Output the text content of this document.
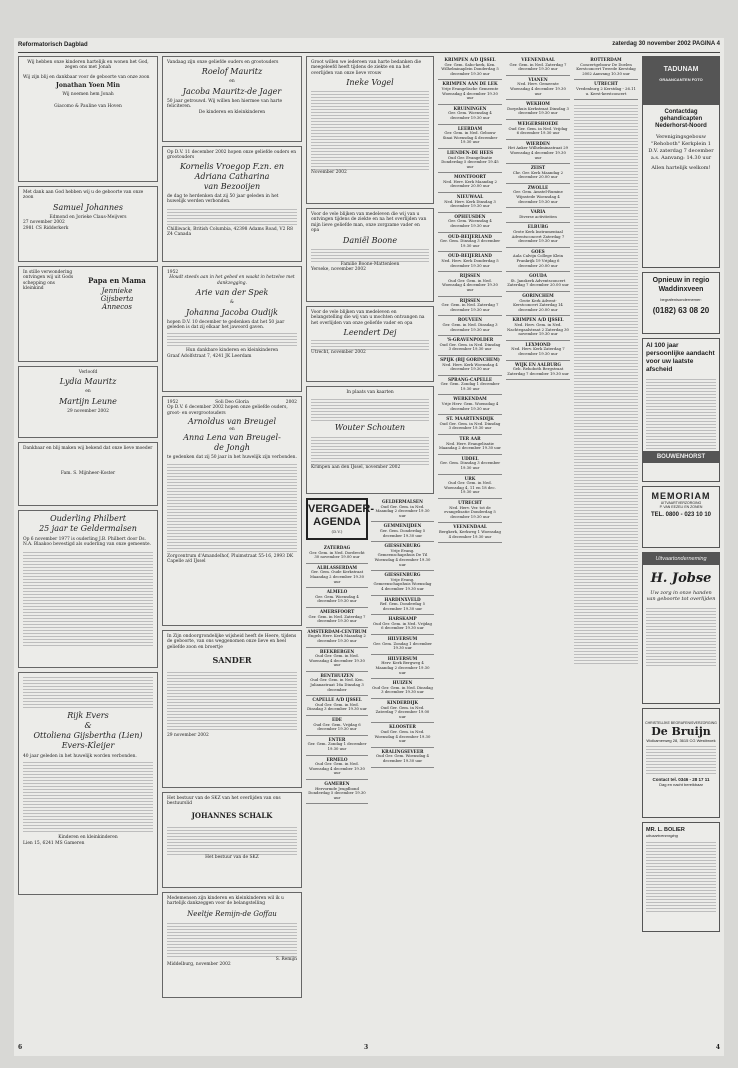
Reformatorisch Dagblad	zaterdag 30 november 2002 PAGINA 4
Wij hebben onze kinderen hartelijk en wonen het God, zegen ons met Jonah
Wij zijn blij en dankbaar voor de geboorte van onze zoon
Jonathan Yoen Min
Wij noemen hem Jonah
Giacomo & Pauline van Hoven
Met dank aan God hebben wij u de geboorte van onze zoon
Samuel Johannes
Edmond en Jorieke Claus-Meijvers
27 november 2002
2981 CS Ridderkerk
In stille verwondering ontvingen wij uit Gods schepping ons kleinkind
Papa en Mama
Jennieke
Gijsberta
Annecos
Verloofd
Lydia Mauritz
en
Martijn Leune
29 november 2002
Dankbaar en blij maken wij bekend dat onze lieve moeder
Fam. S. Mijnheer-Koster
Ouderling Philbert
25 jaar te Geldermalsen
Op 6 november 1977 is ouderling J.B. Philbert door Ds. N.A. Blaakoo bevestigd als ouderling van onze gemeente.
Rijk Evers
&
Ottoliena Gijsbertha (Lien)
Evers-Kleijer
40 jaar geleden in het huwelijk worden verbonden.
Kinderen en kleinkinderen
Lien 15, 6241 MS Gameren
Vandaag zijn onze geliefde ouders en grootouders
Roelof Mauritz
en
Jacoba Mauritz-de Jager
50 jaar getrouwd. Wij willen hen hiermee van harte feliciteren.
De kinderen en kleinkinderen
Op D.V. 11 december 2002 hopen onze geliefde ouders en grootouders
Kornelis Vroegop F.zn. en
Adriana Catharina
van Bezooijen
de dag te herdenken dat zij 50 jaar geleden in het huwelijk werden verbonden.
Chilliwack, British Columbia, 42398 Adams Road, V2 R8 Z4 Canada
1952
Houdt steeds aan in het gebed en waakt in hetzelve met dankzegging.
Arie van der Spek
&
Johanna Jacoba Oudijk
hopen D.V. 10 december te gedenken dat het 50 jaar geleden is dat zij elkaar het jawoord gaven.
Hun dankbare kinderen en kleinkinderen
Graaf Adolfstraat 7, 4241 JK Leerdam
1952	Soli Deo Gloria	2002
Op D.V. 6 december 2002 hopen onze geliefde ouders, groot- en overgrootouders
Arnoldus van Breugel
en
Anna Lena van Breugel-
de Jongh
te gedenken dat zij 50 jaar in het huwelijk zijn verbonden.
Zorgcentrum d'Amandelhof, Pluimstraat 55-16, 2993 DK Capelle a/d IJssel
In Zijn ondoorgrondelijke wijsheid heeft de Heere, tijdens de geboorte, van ons weggenomen onze lieve en heel geliefde zoon en broertje
SANDER
29 november 2002
Het bestuur van de SKZ van het overlijden van ons bestuurslid
JOHANNES SCHALK
Het bestuur van de SKZ
Medemensen zijn kinderen en kleinkinderen wil ik u hartelijk dankzeggen voor de belangstelling
Neeltje Remijn-de Goffau
S. Remijn
Middelburg, november 2002
Groot willen we iedereen van harte bedanken die meegeleefd heeft tijdens de ziekte en na het overlijden van onze lieve vrouw
Ineke Vogel
November 2002
Voor de vele blijken van medeleven die wij van u ontvingen tijdens de ziekte en na het overlijden van mijn lieve geliefde man, onze zorgzame vader en opa
Daniël Boone
Familie Boone-Mattenleen
Yerseke, november 2002
Voor de vele blijken van medeleven en belangstelling die wij van u mochten ontvangen na het overlijden van onze geliefde vader en opa
Leendert Dej
Utrecht, november 2002
In plaats van kaarten
Wouter Schouten
Krimpen aan den IJssel, november 2002
VERGADER-
AGENDA
(D.V.)
ZATERDAG
Ger. Gem. in Ned. Dordrecht 30 november 19.00 uur
ALBLASSERDAM
Ger. Gem. Oude Kerkstraat Maandag 2 december 19.30 uur
ALMELO
Ger. Gem. Woensdag 4 december 19.30 uur
AMERSFOORT
Ger. Gem. in Ned. Zaterdag 7 december 19.30 uur
AMSTERDAM-CENTRUM
Engels Herv. Kerk Maandag 2 december 19.30 uur
BEEKBERGEN
Oud Ger. Gem. in Ned. Woensdag 4 december 19.30 uur
BENTHUIZEN
Oud Ger. Gem. in Ned. Ken. Julianastraat 16a Dinsdag 3 december
CAPELLE A/D IJSSEL
Oud Ger. Gem. in Ned. Dinsdag 3 december 19.30 uur
EDE
Oud Ger. Gem. Vrijdag 6 december 19.30 uur
ENTER
Ger. Gem. Zondag 1 december 19.30 uur
ERMELO
Oud Ger. Gem. in Ned. Woensdag 4 december 19.30 uur
GAMEREN
Hervormde Jeugdbond Donderdag 5 december 19.30 uur
GELDERMALSEN
Oud Ger. Gem. in Ned. Maandag 2 december 19.30 uur
GEMMENIJDEN
Ger. Gem. Donderdag 5 december 19.30 uur
GIESSENBURG
Vrije Evang. Gemeenschapshuis De Til Woensdag 4 december 19.30 uur
GIESSENBURG
Vrije Evang. Gemeenschapshuis Woensdag 4 december 19.30 uur
HARDINXVELD
Ref. Gem. Donderdag 5 december 19.30 uur
HARSKAMP
Oud Ger. Gem. in Ned. Vrijdag 6 december 19.30 uur
HILVERSUM
Ger. Gem. Zondag 1 december 19.30 uur
HILVERSUM
Herv. Kerk Bergweg 4 Maandag 2 december 19.30 uur
HUIZEN
Oud Ger. Gem. in Ned. Dinsdag 3 december 19.30 uur
KINDERDIJK
Oud Ger. Gem. in Ned. Zaterdag 7 december 19.00 uur
KLOOSTER
Oud Ger. Gem. in Ned. Woensdag 4 december 19.30 uur
KRALINGSEVEER
Oud Ger. Gem. Woensdag 4 december 19.30 uur
KRIMPEN A/D IJSSEL
Ger. Gem. Sabo-kerk, Ken. Wilhelminaplein Donderdag 5 december 19.30 uur
KRIMPEN AAN DE LEK
Vrije Evangelische Gemeente Woensdag 4 december 19.30 uur
KRUININGEN
Ger. Gem. Woensdag 4 december 19.30 uur
LEERDAM
Ger. Gem. in Ned. Gebouw Sinai Woensdag 4 december 19.30 uur
LIENDEN-DE HEES
Oud Ger. Evangelisatie Donderdag 5 december 19.45 uur
MONTFOORT
Ned. Herv. Kerk Maandag 2 december 20.00 uur
NIEUWAAL
Ned. Herv. Kerk Dinsdag 3 december 19.30 uur
OPHEUSDEN
Ger. Gem. Woensdag 4 december 19.30 uur
OUD-BEIJERLAND
Ger. Gem. Dinsdag 3 december 19.30 uur
OUD-BEIJERLAND
Ned. Herv. Kerk Donderdag 5 december 19.30 uur
RIJSSEN
Oud Ger. Gem. in Ned. Woensdag 4 december 19.30 uur
RIJSSEN
Ger. Gem. in Ned. Zaterdag 7 december 19.30 uur
ROUVEEN
Ger. Gem. in Ned. Dinsdag 3 december 19.30 uur
'S-GRAVENPOLDER
Oud Ger. Gem. in Ned. Dinsdag 3 december 19.30 uur
SPIJK (BIJ GORINCHEM)
Ned. Herv. Kerk Woensdag 4 december 19.30 uur
SPRANG-CAPELLE
Ger. Gem. Zondag 1 december 19.30 uur
WERKENDAM
Vrije Herv. Gem. Woensdag 4 december 19.30 uur
ST. MAARTENSDIJK
Oud Ger. Gem. in Ned. Dinsdag 3 december 19.30 uur
TER AAR
Ned. Herv. Evangelisatie Maandag 2 december 19.30 uur
UDDEL
Ger. Gem. Dinsdag 3 december 19.30 uur
URK
Oud Ger. Gem. in Ned. Woensdag 4, 11 en 18 dec. 19.30 uur
UTRECHT
Ned. Herv. Ver. tot de evangelisatie Donderdag 5 december 19.30 uur
VEENENDAAL
Bergkerk, Kerkweg 1 Woensdag 4 december 19.30 uur
VEENENDAAL
Ger. Gem. in Ned. Zaterdag 7 december 19.30 uur
VIANEN
Ned. Herv. Gemeente Woensdag 4 december 19.30 uur
WEKHOM
Dorpshuis Kerkstraat Dinsdag 3 december 19.30 uur
WEIGERSHOEDE
Oud Ger. Gem. in Ned. Vrijdag 6 december 19.30 uur
WIERDEN
Het Anker Wilhelminastraat 29 Woensdag 4 december 19.30 uur
ZEIST
Chr. Ger. Kerk Maandag 2 december 20.00 uur
ZWOLLE
Ger. Gem. Amstel-Rumine Wijnstede Woensdag 4 december 19.30 uur
VARIA
Diverse activiteiten
ELBURG
Grote Kerk Instrumentaal Adventsconcert Zaterdag 7 december 19.30 uur
GOES
Aula Calvijn College Klein Frankrijk 19 Vrijdag 6 december 20.00 uur
GOUDA
St. Janskerk Adventsconcert Zaterdag 7 december 20.00 uur
GORINCHEM
Grote Kerk Advent-Kerstconcert Zaterdag 14 december 20.00 uur
KRIMPEN A/D IJSSEL
Ned. Herv. Gem. in Ned. Nachtegaalstraat 2 Zaterdag 30 november 19.30 uur
LEXMOND
Ned. Herv. Kerk Zaterdag 7 december 19.30 uur
WIJK EN AALBURG
Geb. Rehoboth Bergstraat Zaterdag 7 december 19.30 uur
ROTTERDAM
Concertgebouw De Doelen Kerstconcert Tweede Kerstdag 2002 Aanvang 10.30 uur
UTRECHT
Vredenburg 2 Kerstdag - 26.11 u. Kerst-kerstconcert
TADUNAM
GRAANCANTEN FOTO
Contactdag gehandicapten Nederhorst-Noord
Verenigingsgebouw "Rehoboth" Kerkplein 1 D.V. zaterdag 7 december a.s. Aanvang: 14.30 uur
Allen hartelijk welkom!
Opnieuw in regio Waddinxveen
begrafenisondernemer:
(0182) 63 08 20
Al 100 jaar persoonlijke aandacht voor uw laatste afscheid
BOUWENHORST
MEMORIAM
UITVAARTVERZORGING
P. VAN EEZELI EN ZONEN
TEL. 0800 - 023 10 10
Uitvaartonderneming
H. Jobse
Uw zorg in onze handen van geboorte tot overlijden
CHRISTELIJKE BEGRAFENISVERZORGING
De Bruijn
Wolkamerweg 28, 3615 CG Westbroek
Contact tel. 0346 - 28 17 11
Dag en nacht bereikbaar
MR. L. BOLIER
uitvaartverzorging
6	3	4
